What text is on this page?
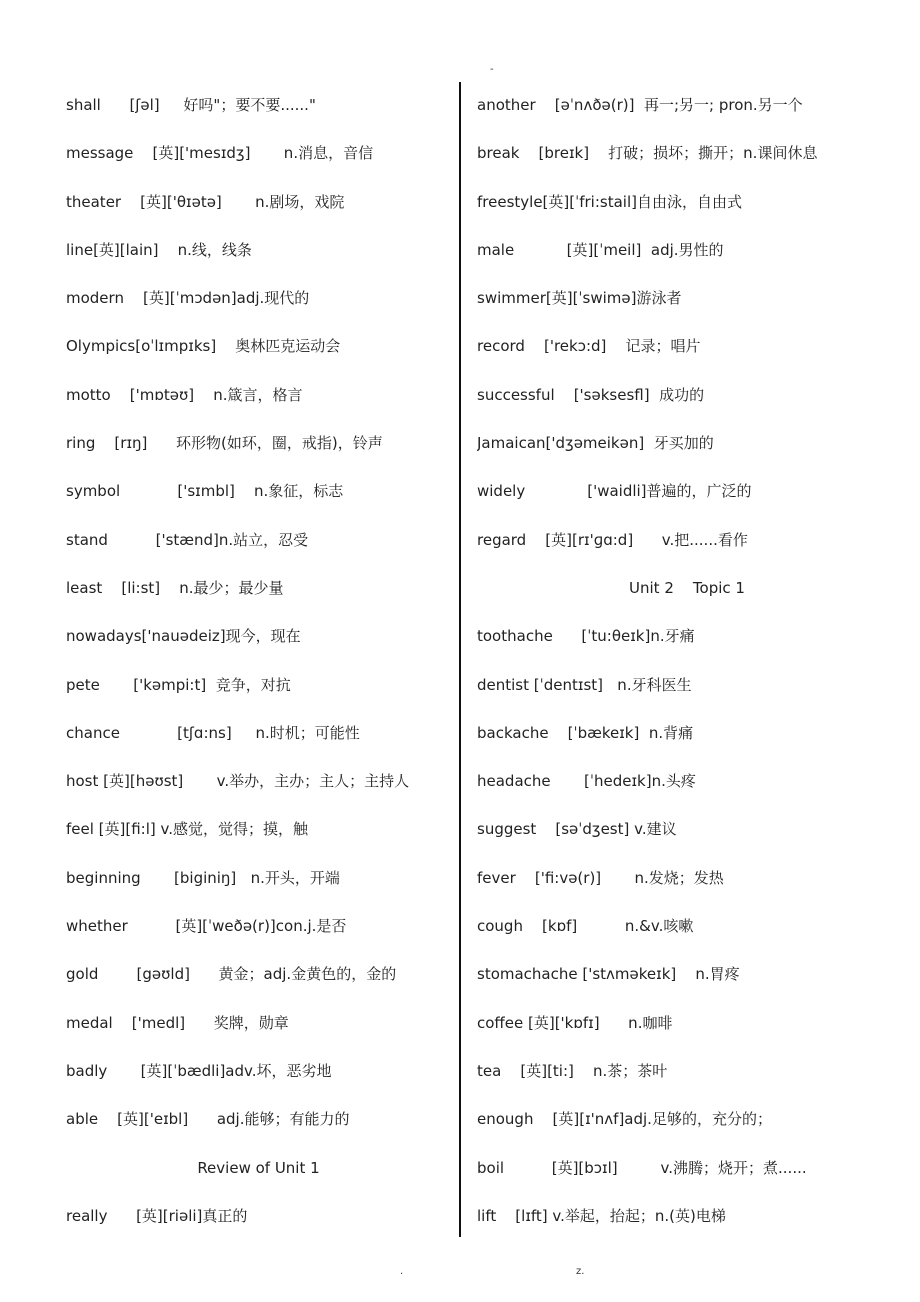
-
shall      [ʃəl]     好吗"；要不要......"
message    [英]['mesɪdʒ]       n.消息，音信
theater    [英]['θɪətə]       n.剧场，戏院
line[英][lain]    n.线，线条
modern    [英][ˈmɔdən]adj.现代的
Olympics[oˈlɪmpɪks]    奥林匹克运动会
motto    ['mɒtəʊ]    n.箴言，格言
ring    [rɪŋ]      环形物(如环，圈，戒指)，铃声
symbol            ['sɪmbl]    n.象征，标志
stand          ['stænd]n.站立，忍受
least    [li:st]    n.最少；最少量
nowadays['nauədeiz]现今，现在
pete       ['kəmpi:t]  竞争，对抗
chance            [tʃɑ:ns]     n.时机；可能性
host [英][həʊst]       v.举办，主办；主人；主持人
feel [英][fi:l] v.感觉，觉得；摸，触
beginning       [biginiŋ]   n.开头，开端
whether          [英][ˈweðə(r)]con.j.是否
gold        [gəʊld]      黄金；adj.金黄色的，金的
medal    ['medl]      奖牌，勋章
badly       [英][ˈbædli]adv.坏，恶劣地
able    [英]['eɪbl]      adj.能够；有能力的
Review of Unit 1
really      [英][riəli]真正的
another    [əˈnʌðə(r)]  再一;另一; pron.另一个
break    [breɪk]    打破；损坏；撕开；n.课间休息
freestyle[英][ˈfri:stail]自由泳，自由式
male           [英][ˈmeil]  adj.男性的
swimmer[英][ˈswimə]游泳者
record    ['rekɔ:d]    记录；唱片
successful    ['səksesfl]  成功的
Jamaican['dʒəmeikən]  牙买加的
widely             ['waidli]普遍的，广泛的
regard    [英][rɪ'ɡɑ:d]      v.把......看作
Unit 2    Topic 1
toothache      [ˈtu:θeɪk]n.牙痛
dentist [ˈdentɪst]   n.牙科医生
backache    [ˈbækeɪk]  n.背痛
headache       [ˈhedeɪk]n.头疼
suggest    [səˈdʒest] v.建议
fever    ['fi:və(r)]       n.发烧；发热
cough    [kɒf]          n.&v.咳嗽
stomachache ['stʌməkeɪk]    n.胃疼
coffee [英]['kɒfɪ]      n.咖啡
tea    [英][ti:]    n.茶；茶叶
enough    [英][ɪ'nʌf]adj.足够的，充分的；
boil          [英][bɔɪl]         v.沸腾；烧开；煮......
lift    [lɪft] v.举起，抬起；n.(英)电梯
.	z.
